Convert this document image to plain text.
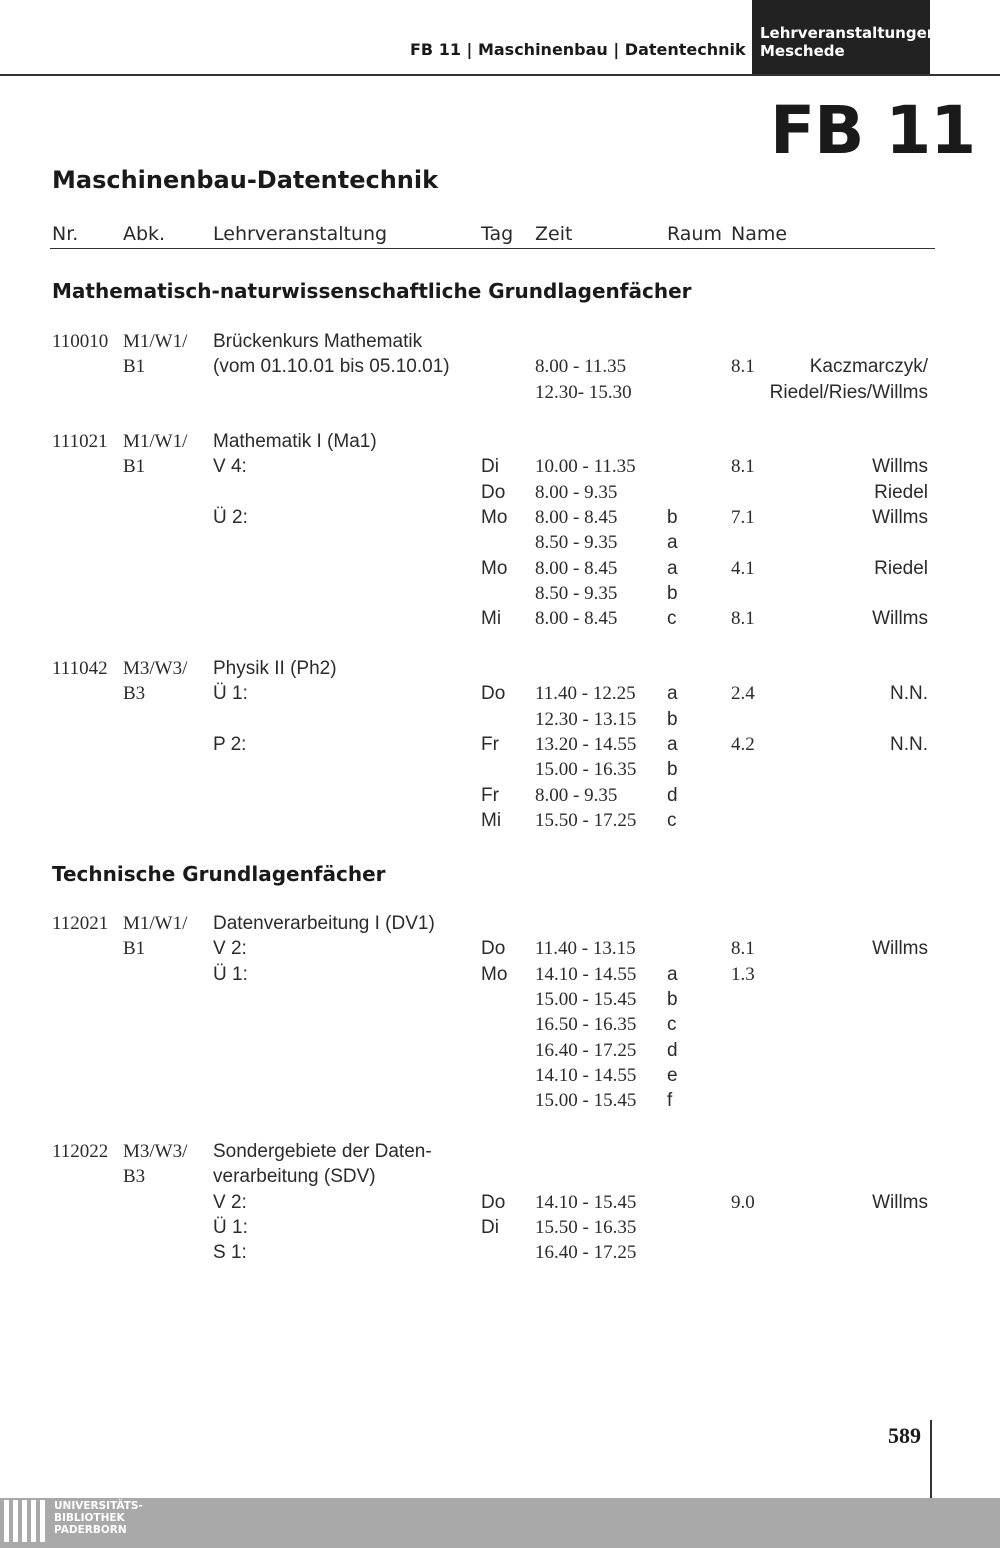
FB 11 | Maschinenbau | Datentechnik
Lehrveranstaltungen
Meschede
FB 11
Maschinenbau-Datentechnik
Nr. Abk.	Lehrveranstaltung	Tag Zeit	Raum Name
Mathematisch-naturwissenschaftliche Grundlagenfächer
Technische Grundlagenfächer
110010 M1/W1/
B1
Brückenkurs Mathematik
(vom 01.10.01 bis 05.10.01)	8.00 - 11.35	8.1	Kaczmarczyk/
12.30- 15.30	Riedel/Ries/Willms
111021 M1/W1/
B1
Mathematik I (Ma1)
V 4:	Di 10.00 - 11.35	8.1	Willms
Do 8.00 - 9.35	Riedel
Ü 2:	Mo 8.00 - 8.45	b	7.1	Willms
8.50 - 9.35	a
Mo 8.00 - 8.45	a	4.1	Riedel
8.50 - 9.35	b
Mi 8.00 - 8.45	c	8.1	Willms
111042 M3/W3/
B3
Physik II (Ph2)
Ü 1:	Do 11.40 - 12.25 a	2.4	N.N.
12.30 - 13.15 b
P 2:	Fr 13.20 - 14.55 a	4.2	N.N.
15.00 - 16.35 b
Fr 8.00 - 9.35	d
Mi 15.50 - 17.25 c
112021 M1/W1/
B1
Datenverarbeitung I (DV1)
V 2:	Do 11.40 - 13.15	8.1	Willms
Ü 1:	Mo 14.10 - 14.55 a	1.3
15.00 - 15.45 b
16.50 - 16.35 c
16.40 - 17.25 d
14.10 - 14.55 e
15.00 - 15.45 f
112022 M3/W3/
B3
Sondergebiete der Daten-
verarbeitung (SDV)
V 2:	Do 14.10 - 15.45	9.0	Willms
Ü 1:	Di 15.50 - 16.35
S 1:	16.40 - 17.25
589
UNIVERSITÄTS-
BIBLIOTHEK
PADERBORN
